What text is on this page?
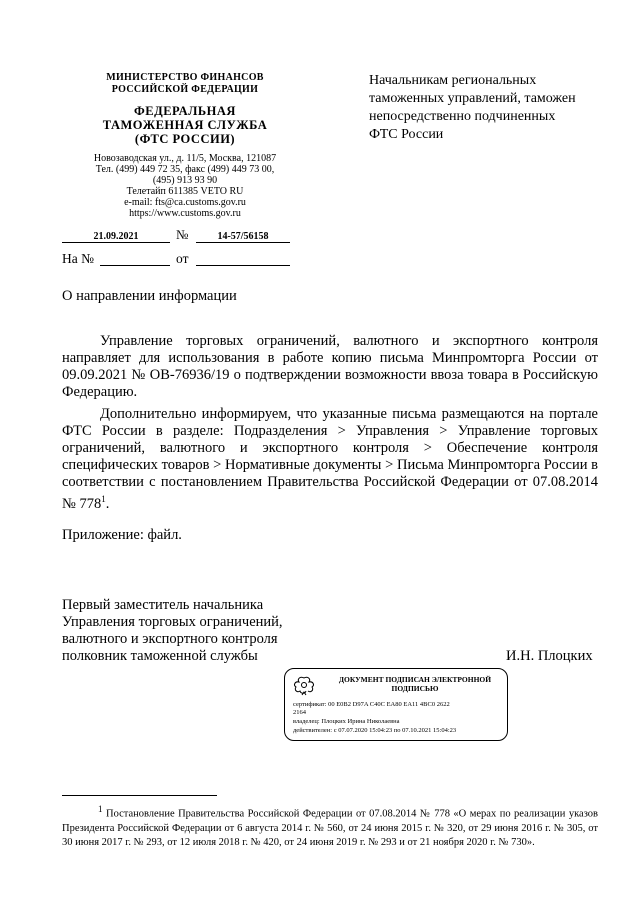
МИНИСТЕРСТВО ФИНАНСОВ
РОССИЙСКОЙ ФЕДЕРАЦИИ
ФЕДЕРАЛЬНАЯ
ТАМОЖЕННАЯ СЛУЖБА
(ФТС РОССИИ)
Новозаводская ул., д. 11/5, Москва, 121087
Тел. (499) 449 72 35, факс (499) 449 73 00,
(495) 913 93 90
Телетайп 611385 VETO RU
e-mail: fts@ca.customs.gov.ru
https://www.customs.gov.ru
21.09.2021	№	14-57/56158
На №	от
Начальникам региональных
таможенных управлений, таможен
непосредственно подчиненных
ФТС России
О направлении информации
Управление торговых ограничений, валютного и экспортного контроля направляет для использования в работе копию письма Минпромторга России от 09.09.2021 № ОВ-76936/19 о подтверждении возможности ввоза товара в Российскую Федерацию.
Дополнительно информируем, что указанные письма размещаются на портале ФТС России в разделе: Подразделения > Управления > Управление торговых ограничений, валютного и экспортного контроля > Обеспечение контроля специфических товаров > Нормативные документы > Письма Минпромторга России в соответствии с постановлением Правительства Российской Федерации от 07.08.2014 № $778^1$.
Приложение: файл.
Первый заместитель начальника
Управления торговых ограничений,
валютного и экспортного контроля
полковник таможенной службы	И.Н. Плоцких
ДОКУМЕНТ ПОДПИСАН ЭЛЕКТРОННОЙ
ПОДПИСЬЮ
сертификат: 00 E0B2 D97A C40C EA80 EA11 4BC0 2622
2164
владелец: Плоцких Ирина Николаевна
действителен: с 07.07.2020 15:04:23 по 07.10.2021 15:04:23
$^1$ Постановление Правительства Российской Федерации от 07.08.2014 № 778 «О мерах по реализации указов Президента Российской Федерации от 6 августа 2014 г. № 560, от 24 июня 2015 г. № 320, от 29 июня 2016 г. № 305, от 30 июня 2017 г. № 293, от 12 июля 2018 г. № 420, от 24 июня 2019 г. № 293 и от 21 ноября 2020 г. № 730».
